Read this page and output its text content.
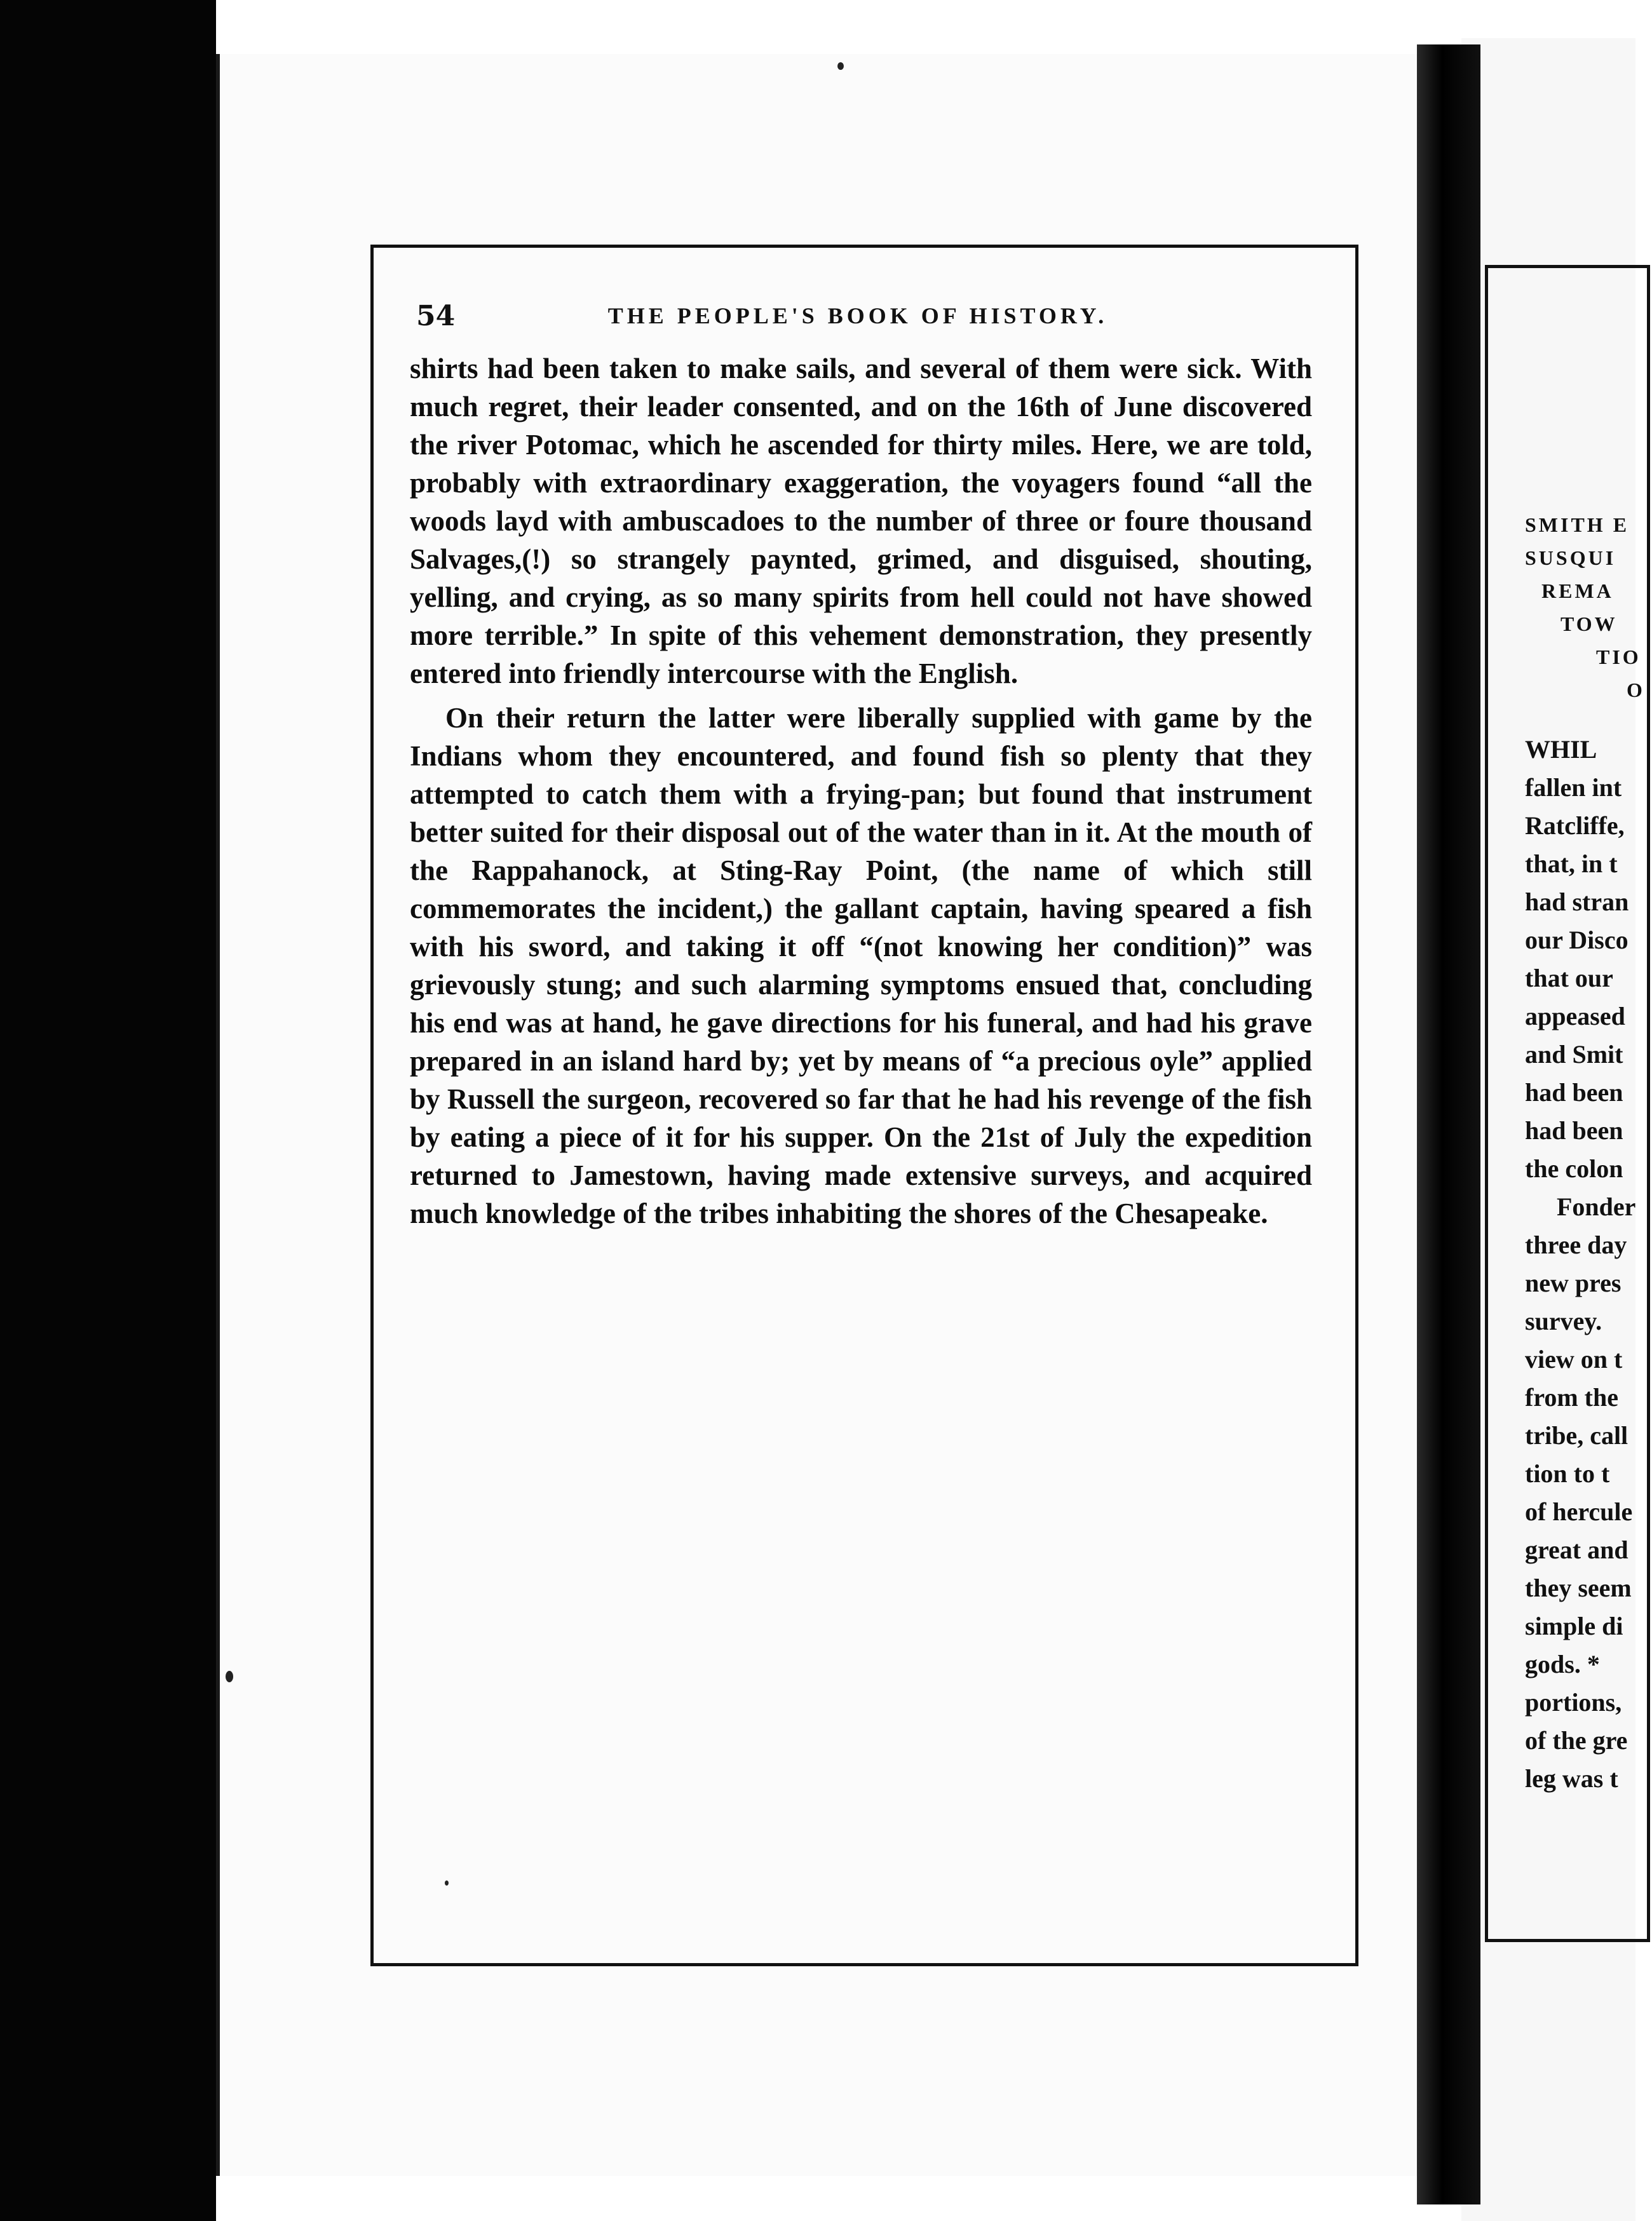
54	THE PEOPLE'S BOOK OF HISTORY.

shirts had been taken to make sails, and several of them were sick. With much regret, their leader consented, and on the 16th of June discovered the river Potomac, which he ascended for thirty miles. Here, we are told, probably with extraordinary exaggeration, the voyagers found “all the woods layd with ambuscadoes to the number of three or foure thousand Salvages,(!) so strangely paynted, grimed, and disguised, shouting, yelling, and crying, as so many spirits from hell could not have showed more terrible.” In spite of this vehement demonstration, they presently entered into friendly intercourse with the English.

On their return the latter were liberally supplied with game by the Indians whom they encountered, and found fish so plenty that they attempted to catch them with a frying-pan; but found that instrument better suited for their disposal out of the water than in it. At the mouth of the Rappahanock, at Sting-Ray Point, (the name of which still commemorates the incident,) the gallant captain, having speared a fish with his sword, and taking it off “(not knowing her condition)” was grievously stung; and such alarming symptoms ensued that, concluding his end was at hand, he gave directions for his funeral, and had his grave prepared in an island hard by; yet by means of “a precious oyle” applied by Russell the surgeon, recovered so far that he had his revenge of the fish by eating a piece of it for his supper. On the 21st of July the expedition returned to Jamestown, having made extensive surveys, and acquired much knowledge of the tribes inhabiting the shores of the Chesapeake.

SMITH E
SUSQUI
REMA
TOW
TIO
O
WHIL
fallen int
Ratcliffe,
that, in t
had stran
our Disco
that our
appeased
and Smit
had been
had been
the colon
Fonder
three day
new pres
survey.
view on t
from the
tribe, call
tion to t
of hercule
great and
they seem
simple di
gods. *
portions,
of the gre
leg was t
